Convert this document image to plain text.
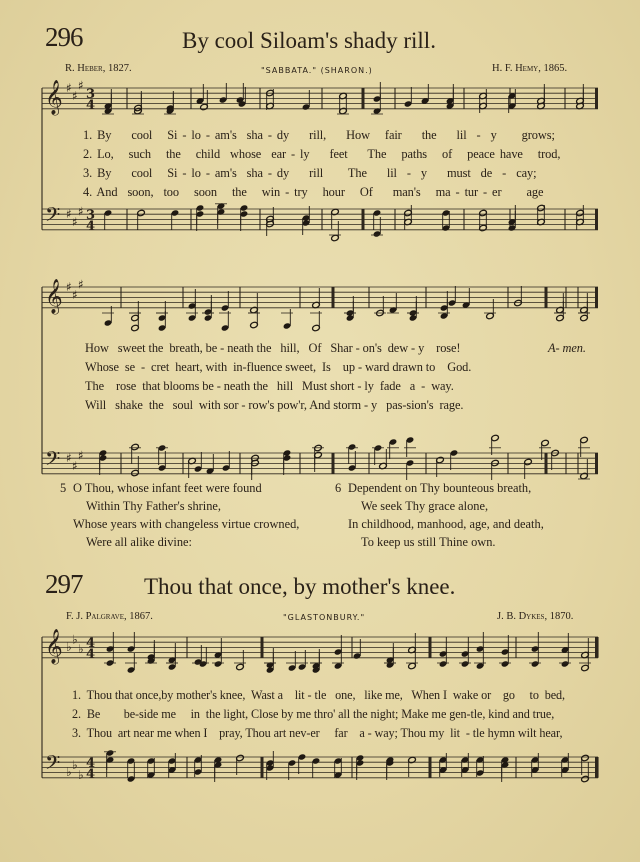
𝄞
𝄢
♯
♯
♯
♯
♯
♯
3
4
3
4
𝄞
𝄢
♯
♯
♯
♯
♯
♯
𝄞
𝄢
♭
♭
♭
♭
♭
♭
4
4
4
4
296	By cool Siloam's shady rill.
R. Heber, 1827.	"SABBATA." (SHARON.)	H. F. Hemy, 1865.
1. By    cool   Si - lo - am's  sha - dy    rill,    How   fair    the    lil  -  y     grows;
2. Lo,   such   the   child  whose  ear - ly    feet    The   paths   of   peace have   trod,
3. By    cool   Si - lo - am's  sha - dy    rill     The    lil  -  y    must  de  -  cay;
4. And  soon,  too   soon   the   win - try   hour   Of    man's   ma - tur - er     age
How   sweet the  breath, be - neath the   hill,   Of   Shar - on's  dew - y    rose!
Whose  se  -  cret  heart, with  in-fluence sweet,  Is    up - ward drawn to    God.
The    rose  that blooms be - neath the   hill   Must short - ly  fade   a  -  way.
Will   shake  the   soul  with sor - row's pow'r, And storm - y   pas-sion's  rage.
A- men.
5 O Thou, whose infant feet were found
Within Thy Father's shrine,
Whose years with changeless virtue crowned,
Were all alike divine:
6 Dependent on Thy bounteous breath,
We seek Thy grace alone,
In childhood, manhood, age, and death,
To keep us still Thine own.
297	Thou that once, by mother's knee.
F. J. Palgrave, 1867.	"GLASTONBURY."	J. B. Dykes, 1870.
1.  Thou that once,by mother's knee,  Wast a    lit - tle   one,   like me,   When I  wake or    go     to  bed,
2.  Be        be-side me     in  the light, Close by me thro' all the night; Make me gen-tle, kind and true,
3.  Thou  art near me when I    pray, Thou art nev-er     far    a - way; Thou my  lit  - tle hymn wilt hear,
